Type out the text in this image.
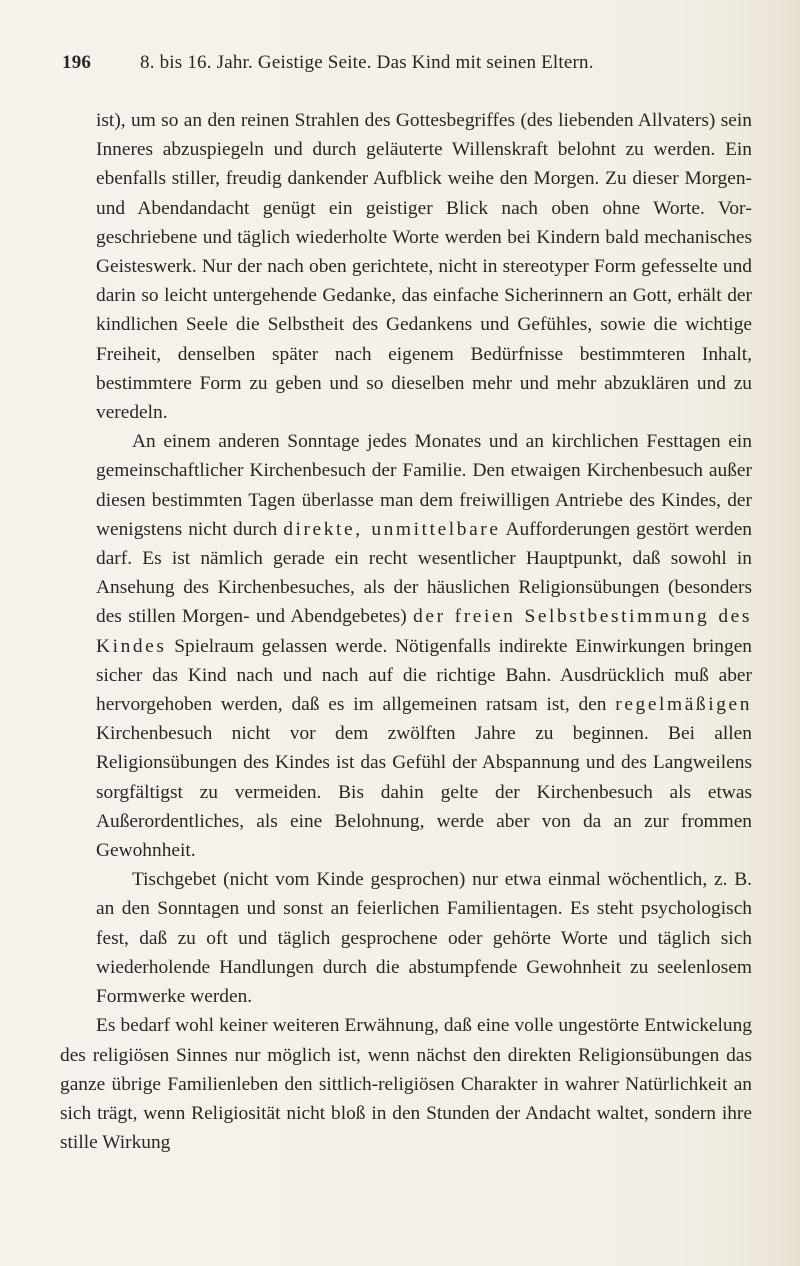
196	8. bis 16. Jahr. Geistige Seite. Das Kind mit seinen Eltern.

ist), um so an den reinen Strahlen des Gottesbegriffes (des liebenden Allvaters) sein Inneres abzuspiegeln und durch geläuterte Willenskraft belohnt zu werden. Ein ebenfalls stiller, freudig dankender Aufblick weihe den Morgen. Zu dieser Morgen- und Abendandacht genügt ein geistiger Blick nach oben ohne Worte. Vorgeschriebene und täglich wiederholte Worte werden bei Kindern bald mechanisches Geisteswerk. Nur der nach oben gerichtete, nicht in stereotyper Form gefesselte und darin so leicht untergehende Gedanke, das einfache Sicherinnern an Gott, erhält der kindlichen Seele die Selbstheit des Gedankens und Gefühles, sowie die wichtige Freiheit, denselben später nach eigenem Bedürfnisse bestimmteren Inhalt, bestimmtere Form zu geben und so dieselben mehr und mehr abzuklären und zu veredeln.

An einem anderen Sonntage jedes Monates und an kirchlichen Festtagen ein gemeinschaftlicher Kirchenbesuch der Familie. Den etwaigen Kirchenbesuch außer diesen bestimmten Tagen überlasse man dem freiwilligen Antriebe des Kindes, der wenigstens nicht durch direkte, unmittelbare Aufforderungen gestört werden darf. Es ist nämlich gerade ein recht wesentlicher Hauptpunkt, daß sowohl in Ansehung des Kirchenbesuches, als der häuslichen Religionsübungen (besonders des stillen Morgen- und Abendgebetes) der freien Selbstbestimmung des Kindes Spielraum gelassen werde. Nötigenfalls indirekte Einwirkungen bringen sicher das Kind nach und nach auf die richtige Bahn. Ausdrücklich muß aber hervorgehoben werden, daß es im allgemeinen ratsam ist, den regelmäßigen Kirchenbesuch nicht vor dem zwölften Jahre zu beginnen. Bei allen Religionsübungen des Kindes ist das Gefühl der Abspannung und des Langweilens sorgfältigst zu vermeiden. Bis dahin gelte der Kirchenbesuch als etwas Außerordentliches, als eine Belohnung, werde aber von da an zur frommen Gewohnheit.

Tischgebet (nicht vom Kinde gesprochen) nur etwa einmal wöchentlich, z. B. an den Sonntagen und sonst an feierlichen Familientagen. Es steht psychologisch fest, daß zu oft und täglich gesprochene oder gehörte Worte und täglich sich wiederholende Handlungen durch die abstumpfende Gewohnheit zu seelenlosem Formwerke werden.

Es bedarf wohl keiner weiteren Erwähnung, daß eine volle ungestörte Entwickelung des religiösen Sinnes nur möglich ist, wenn nächst den direkten Religionsübungen das ganze übrige Familienleben den sittlich-religiösen Charakter in wahrer Natürlichkeit an sich trägt, wenn Religiosität nicht bloß in den Stunden der Andacht waltet, sondern ihre stille Wirkung
